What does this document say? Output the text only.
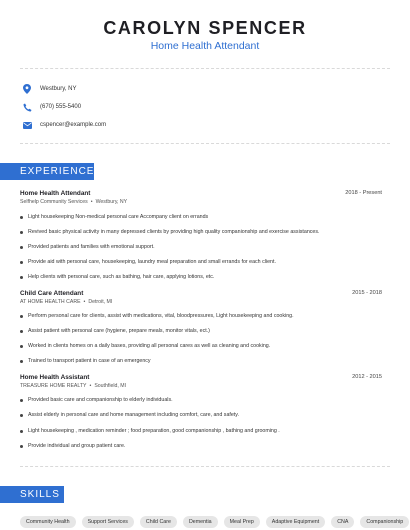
CAROLYN SPENCER
Home Health Attendant
Westbury, NY
(670) 555-5400
cspencer@example.com
EXPERIENCE
Home Health Attendant	2018 - Present
Selfhelp Community Services • Westbury, NY
Light housekeeping Non-medical personal care Accompany client on errands
Revived basic physical activity in many depressed clients by providing high quality companionship and exercise assistances.
Provided patients and families with emotional support.
Provide aid with personal care, housekeeping, laundry meal preparation and small errands for each client.
Help clients with personal care, such as bathing, hair care, applying lotions, etc.
Child Care Attendant	2015 - 2018
AT HOME HEALTH CARE • Detroit, MI
Perform personal care for clients, assist with medications, vital, bloodpressures, Light housekeeping and cooking.
Assist patient with personal care (hygiene, prepare meals, monitor vitals, ect.)
Worked in clients homes on a daily bases, providing all personal cares as well as cleaning and cooking.
Trained to transport patient in case of an emergency
Home Health Assistant	2012 - 2015
TREASURE HOME REALTY • Southfield, MI
Provided basic care and companionship to elderly individuals.
Assist elderly in personal care and home management including comfort, care, and safety.
Light housekeeping , medication reminder ; food preparation, good companionship , bathing and grooming .
Provide individual and group patient care.
SKILLS
Community Health	Support Services	Child Care	Dementia	Meal Prep	Adaptive Equipment	CNA	Companionship
